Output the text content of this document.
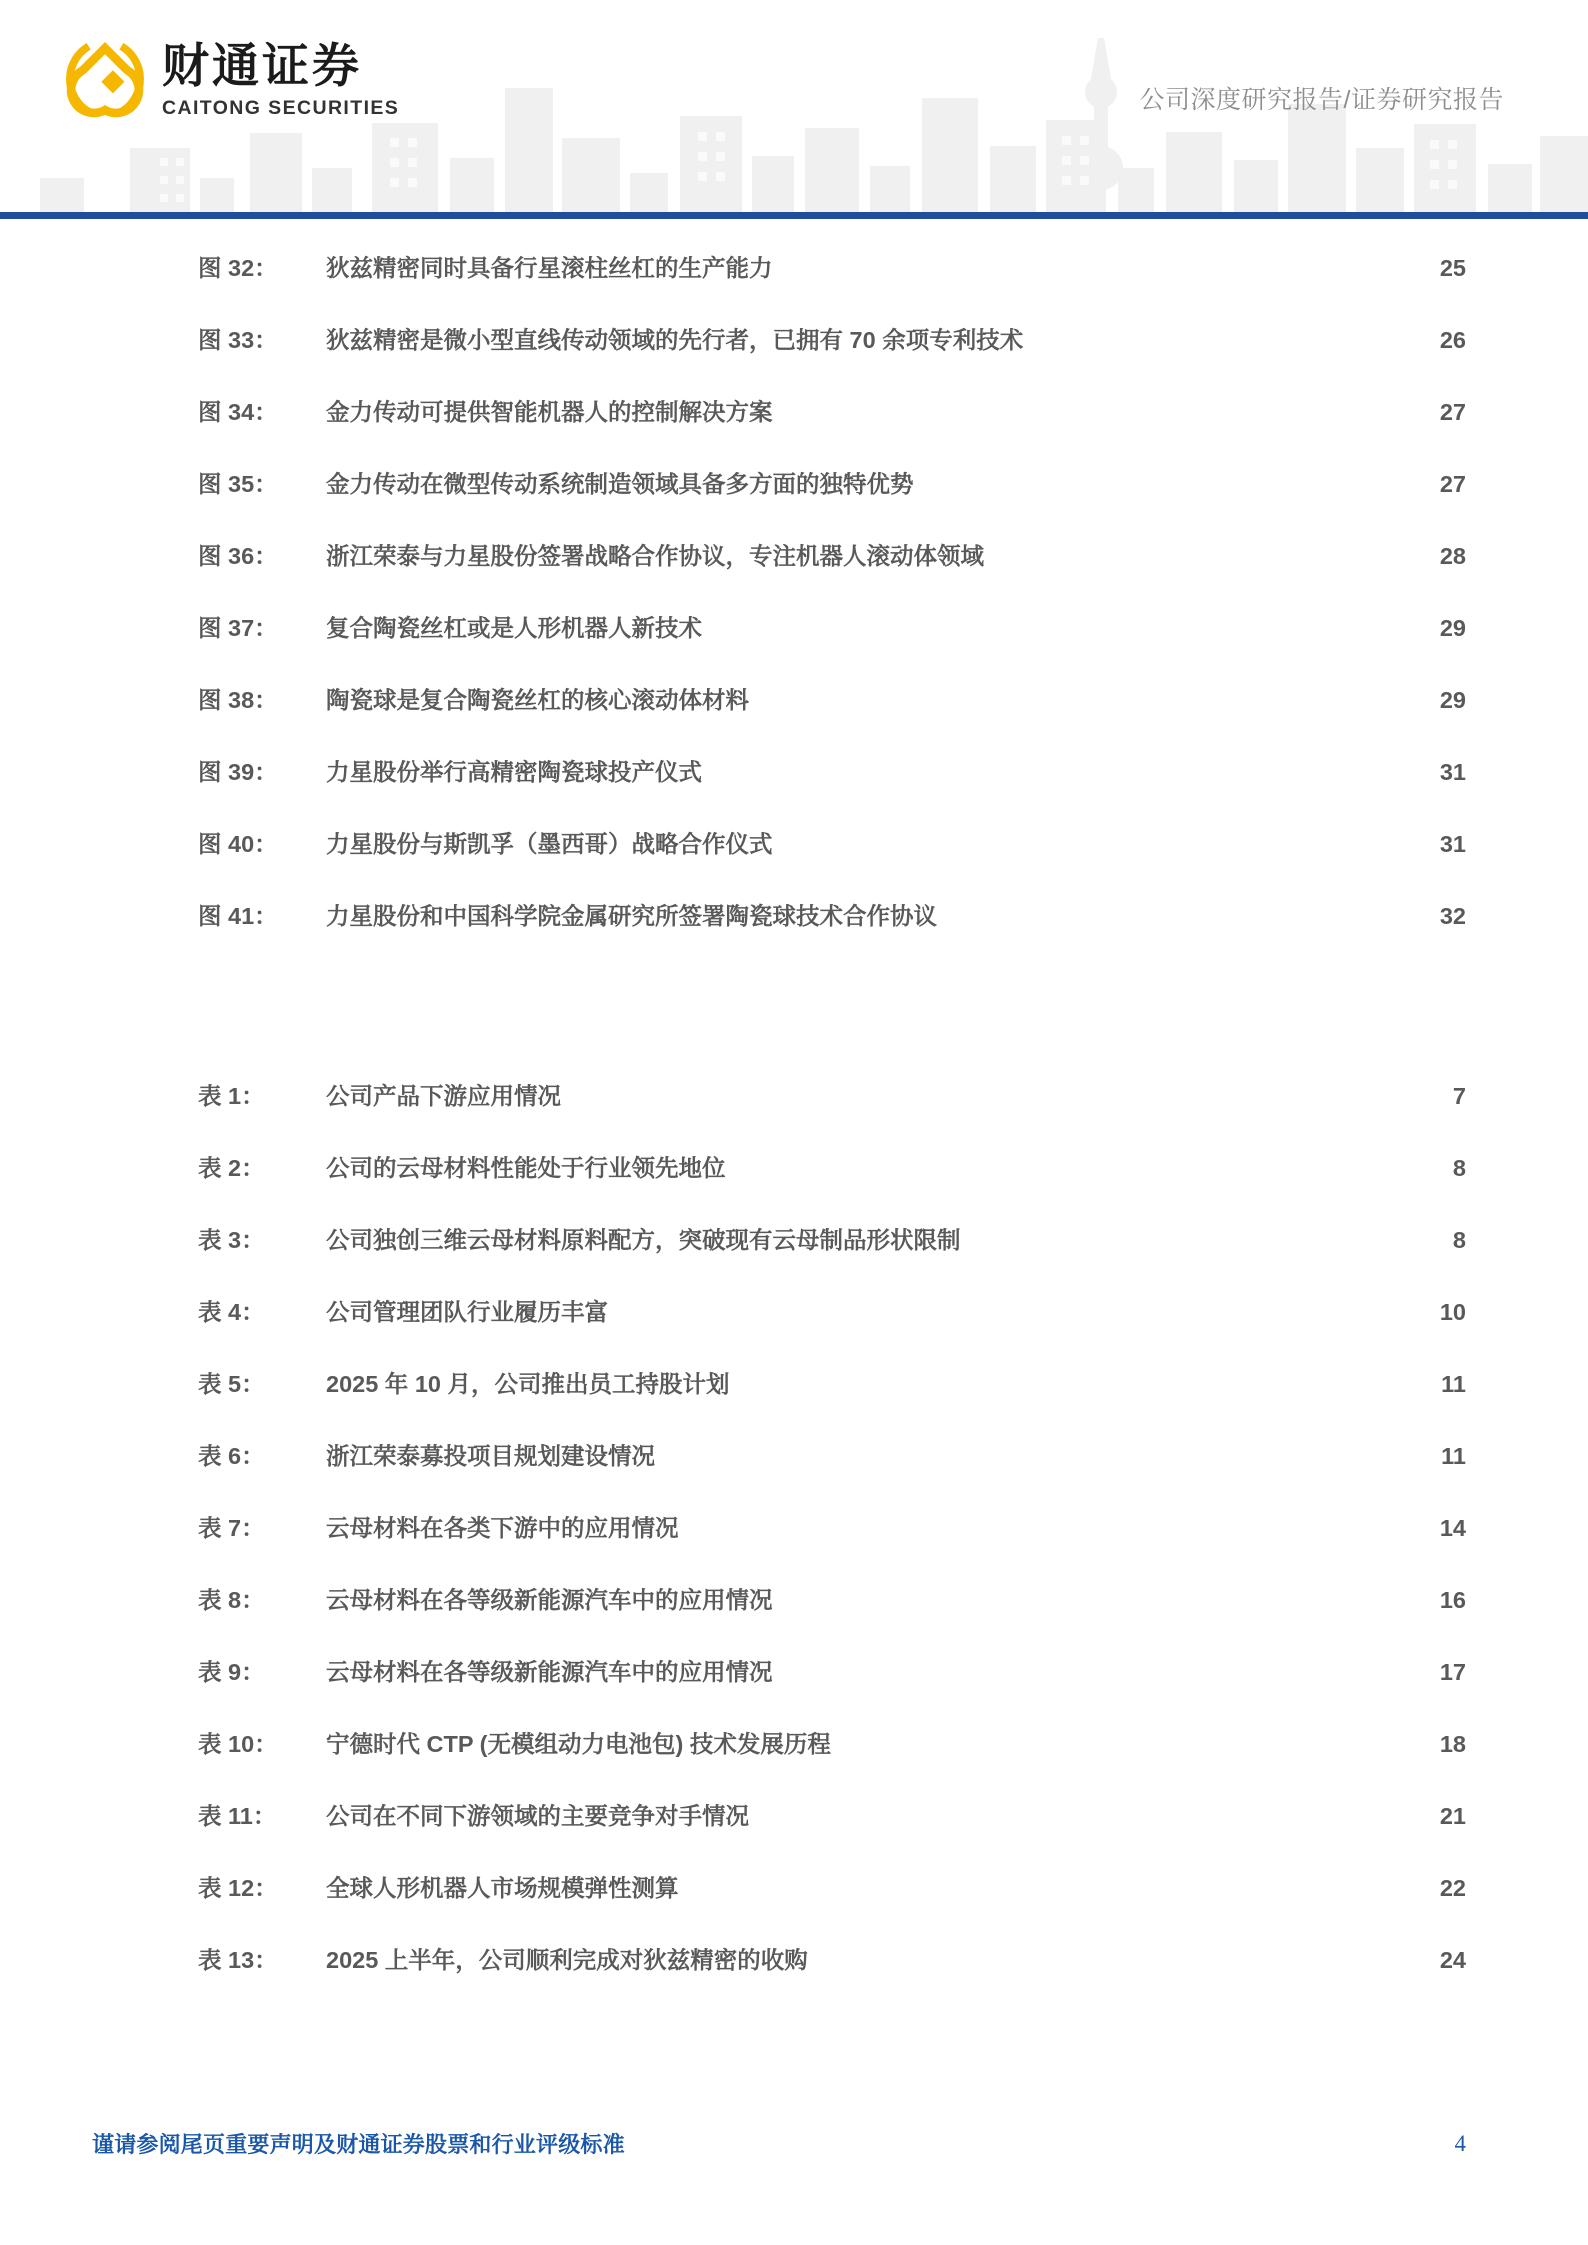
财通证券
CAITONG SECURITIES	公司深度研究报告/证券研究报告
图 32：	狄兹精密同时具备行星滚柱丝杠的生产能力 .....	25
图 33：	狄兹精密是微小型直线传动领域的先行者，已拥有 70 余项专利技术 .....	26
图 34：	金力传动可提供智能机器人的控制解决方案 .....	27
图 35：	金力传动在微型传动系统制造领域具备多方面的独特优势 .....	27
图 36：	浙江荣泰与力星股份签署战略合作协议，专注机器人滚动体领域 .....	28
图 37：	复合陶瓷丝杠或是人形机器人新技术 .....	29
图 38：	陶瓷球是复合陶瓷丝杠的核心滚动体材料 .....	29
图 39：	力星股份举行高精密陶瓷球投产仪式 .....	31
图 40：	力星股份与斯凯孚（墨西哥）战略合作仪式 .....	31
图 41：	力星股份和中国科学院金属研究所签署陶瓷球技术合作协议 .....	32
表 1：	公司产品下游应用情况 .....	7
表 2：	公司的云母材料性能处于行业领先地位 .....	8
表 3：	公司独创三维云母材料原料配方，突破现有云母制品形状限制 .....	8
表 4：	公司管理团队行业履历丰富 .....	10
表 5：	2025 年 10 月，公司推出员工持股计划 .....	11
表 6：	浙江荣泰募投项目规划建设情况 .....	11
表 7：	云母材料在各类下游中的应用情况 .....	14
表 8：	云母材料在各等级新能源汽车中的应用情况 .....	16
表 9：	云母材料在各等级新能源汽车中的应用情况 .....	17
表 10：	宁德时代 CTP (无模组动力电池包) 技术发展历程 .....	18
表 11：	公司在不同下游领域的主要竞争对手情况 .....	21
表 12：	全球人形机器人市场规模弹性测算 .....	22
表 13：	2025 上半年，公司顺利完成对狄兹精密的收购 .....	24
谨请参阅尾页重要声明及财通证券股票和行业评级标准	4
